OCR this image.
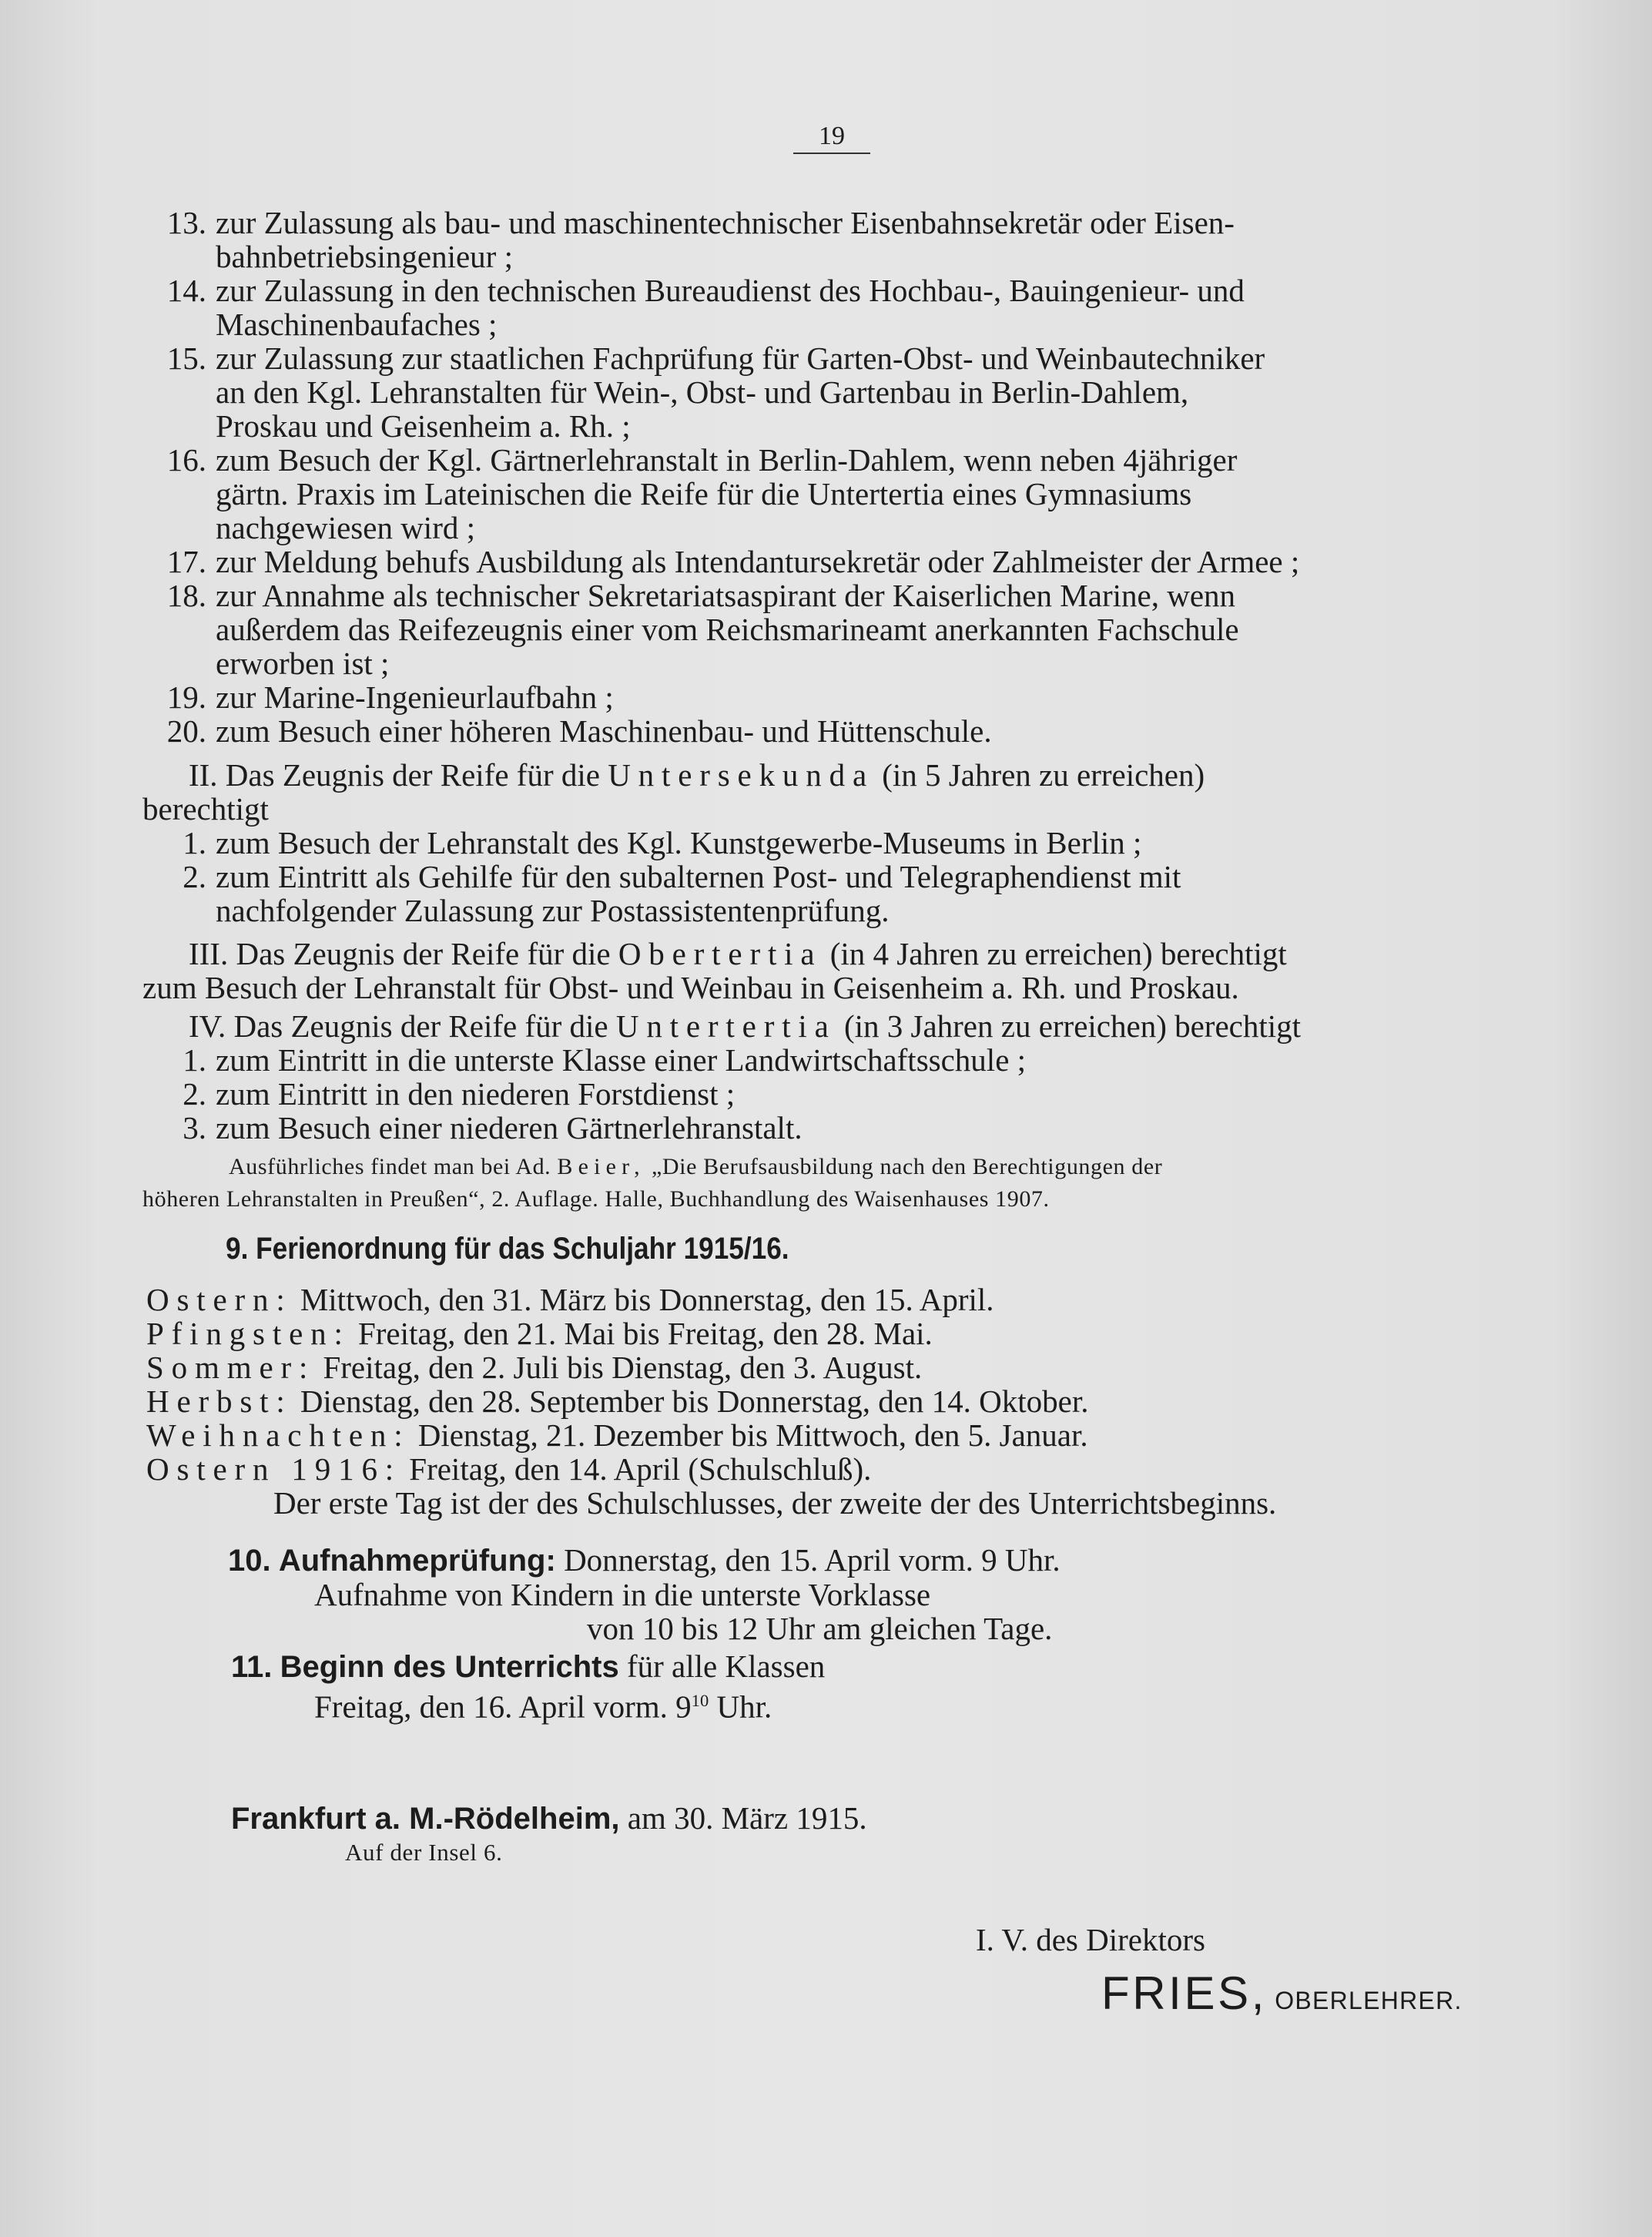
19
13. zur Zulassung als bau- und maschinentechnischer Eisenbahnsekretär oder Eisen-
bahnbetriebsingenieur ;
14. zur Zulassung in den technischen Bureaudienst des Hochbau-, Bauingenieur- und
Maschinenbaufaches ;
15. zur Zulassung zur staatlichen Fachprüfung für Garten-Obst- und Weinbautechniker
an den Kgl. Lehranstalten für Wein-, Obst- und Gartenbau in Berlin-Dahlem,
Proskau und Geisenheim a. Rh. ;
16. zum Besuch der Kgl. Gärtnerlehranstalt in Berlin-Dahlem, wenn neben 4jähriger
gärtn. Praxis im Lateinischen die Reife für die Untertertia eines Gymnasiums
nachgewiesen wird ;
17. zur Meldung behufs Ausbildung als Intendantursekretär oder Zahlmeister der Armee ;
18. zur Annahme als technischer Sekretariatsaspirant der Kaiserlichen Marine, wenn
außerdem das Reifezeugnis einer vom Reichsmarineamt anerkannten Fachschule
erworben ist ;
19. zur Marine-Ingenieurlaufbahn ;
20. zum Besuch einer höheren Maschinenbau- und Hüttenschule.
II. Das Zeugnis der Reife für die Untersekunda (in 5 Jahren zu erreichen)
berechtigt
1. zum Besuch der Lehranstalt des Kgl. Kunstgewerbe-Museums in Berlin ;
2. zum Eintritt als Gehilfe für den subalternen Post- und Telegraphendienst mit
nachfolgender Zulassung zur Postassistentenprüfung.
III. Das Zeugnis der Reife für die Obertertia (in 4 Jahren zu erreichen) berechtigt
zum Besuch der Lehranstalt für Obst- und Weinbau in Geisenheim a. Rh. und Proskau.
IV. Das Zeugnis der Reife für die Untertertia (in 3 Jahren zu erreichen) berechtigt
1. zum Eintritt in die unterste Klasse einer Landwirtschaftsschule ;
2. zum Eintritt in den niederen Forstdienst ;
3. zum Besuch einer niederen Gärtnerlehranstalt.
Ausführliches findet man bei Ad. Beier, „Die Berufsausbildung nach den Berechtigungen der
höheren Lehranstalten in Preußen“, 2. Auflage. Halle, Buchhandlung des Waisenhauses 1907.
9. Ferienordnung für das Schuljahr 1915/16.
Ostern: Mittwoch, den 31. März bis Donnerstag, den 15. April.
Pfingsten: Freitag, den 21. Mai bis Freitag, den 28. Mai.
Sommer: Freitag, den 2. Juli bis Dienstag, den 3. August.
Herbst: Dienstag, den 28. September bis Donnerstag, den 14. Oktober.
Weihnachten: Dienstag, 21. Dezember bis Mittwoch, den 5. Januar.
Ostern 1916: Freitag, den 14. April (Schulschluß).
Der erste Tag ist der des Schulschlusses, der zweite der des Unterrichtsbeginns.
10. Aufnahmeprüfung: Donnerstag, den 15. April vorm. 9 Uhr.
Aufnahme von Kindern in die unterste Vorklasse
von 10 bis 12 Uhr am gleichen Tage.
11. Beginn des Unterrichts für alle Klassen
Freitag, den 16. April vorm. $9^{10}$ Uhr.
Frankfurt a. M.-Rödelheim, am 30. März 1915.
Auf der Insel 6.
I. V. des Direktors
FRIES, OBERLEHRER.
